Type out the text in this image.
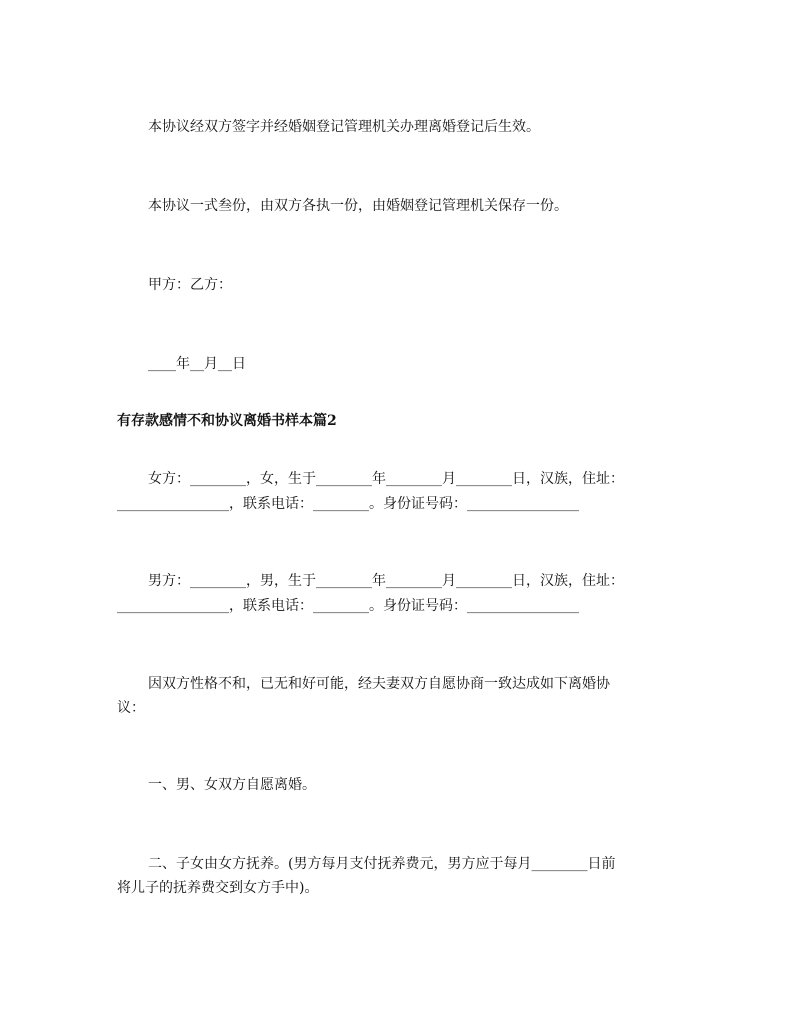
本协议经双方签字并经婚姻登记管理机关办理离婚登记后生效。
本协议一式叁份，由双方各执一份，由婚姻登记管理机关保存一份。
甲方：乙方：
____年__月__日
有存款感情不和协议离婚书样本篇2
女方：________，女，生于________年________月________日，汉族，住址：
________________，联系电话：________。身份证号码：________________
男方：________，男，生于________年________月________日，汉族，住址：
________________，联系电话：________。身份证号码：________________
因双方性格不和，已无和好可能，经夫妻双方自愿协商一致达成如下离婚协
议：
一、男、女双方自愿离婚。
二、子女由女方抚养。(男方每月支付抚养费元，男方应于每月________日前
将儿子的抚养费交到女方手中)。
